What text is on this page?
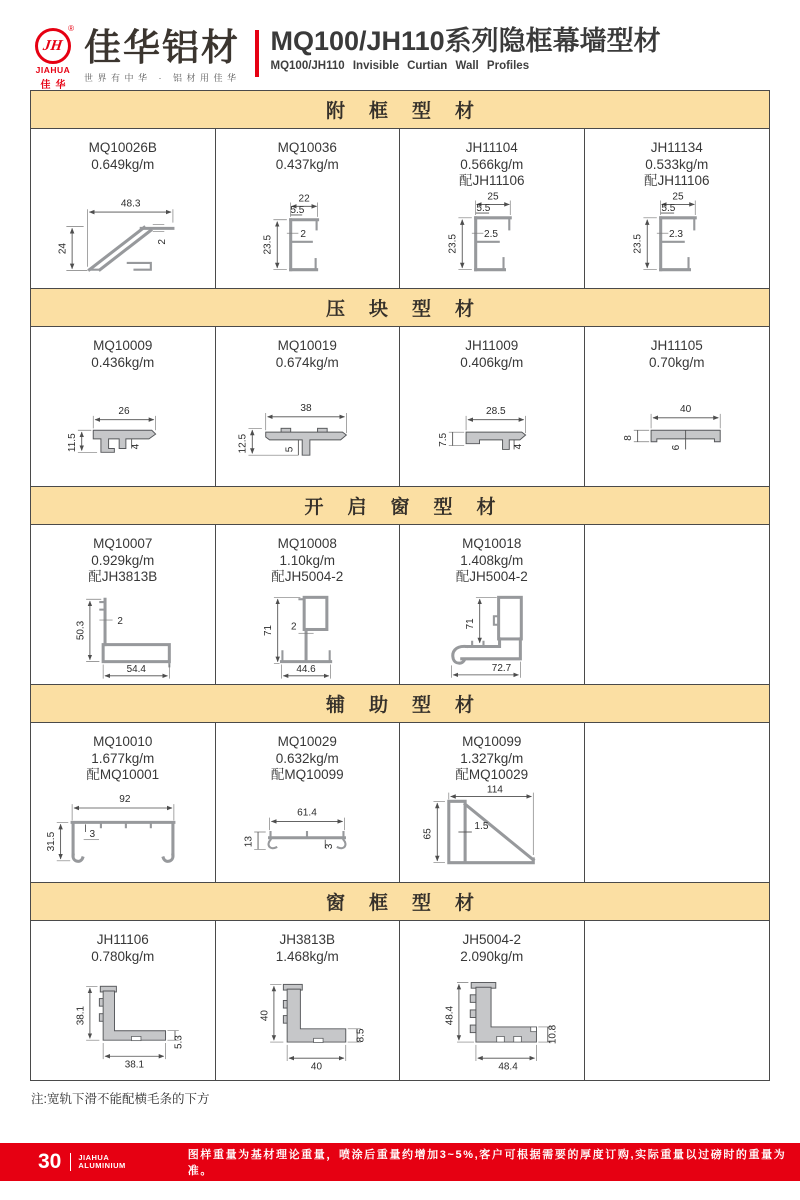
®
JH
JIAHUA
佳华
佳华铝材
世界有中华 · 铝材用佳华
MQ100/JH110系列隐框幕墙型材
MQ100/JH110 Invisible Curtian Wall Profiles
附框型材
MQ10026B
0.649kg/m
48.3
24
2
MQ10036
0.437kg/m
22
5.5
23.5
2
JH11104
0.566kg/m
配JH11106
25
5.5
23.5 2.5
JH11134
0.533kg/m
配JH11106
25
5.5
23.5 2.3
压块型材
MQ10009
0.436kg/m
26
11.5	4
MQ10019
0.674kg/m
38
12.5	5
JH11009
0.406kg/m
28.5
7.5	4
JH11105
0.70kg/m
40
8
6
开启窗型材
MQ10007
0.929kg/m
配JH3813B
50.3	2
54.4
MQ10008
1.10kg/m
配JH5004-2
71 2
44.6
MQ10018
1.408kg/m
配JH5004-2
71
72.7
辅助型材
MQ10010
1.677kg/m
配MQ10001
92
31.5	3
MQ10029
0.632kg/m
配MQ10099
61.4
13	3
MQ10099
1.327kg/m
配MQ10029
114
65
1.5
窗框型材
JH11106
0.780kg/m
38.1
38.1
5.3
JH3813B
1.468kg/m
40
8.5
40
JH5004-2
2.090kg/m
48.4
10.8
48.4
注:宽轨下滑不能配横毛条的下方
30 JIAHUA
ALUMINIUM
图样重量为基材理论重量，喷涂后重量约增加3~5%,客户可根据需要的厚度订购,实际重量以过磅时的重量为准。
